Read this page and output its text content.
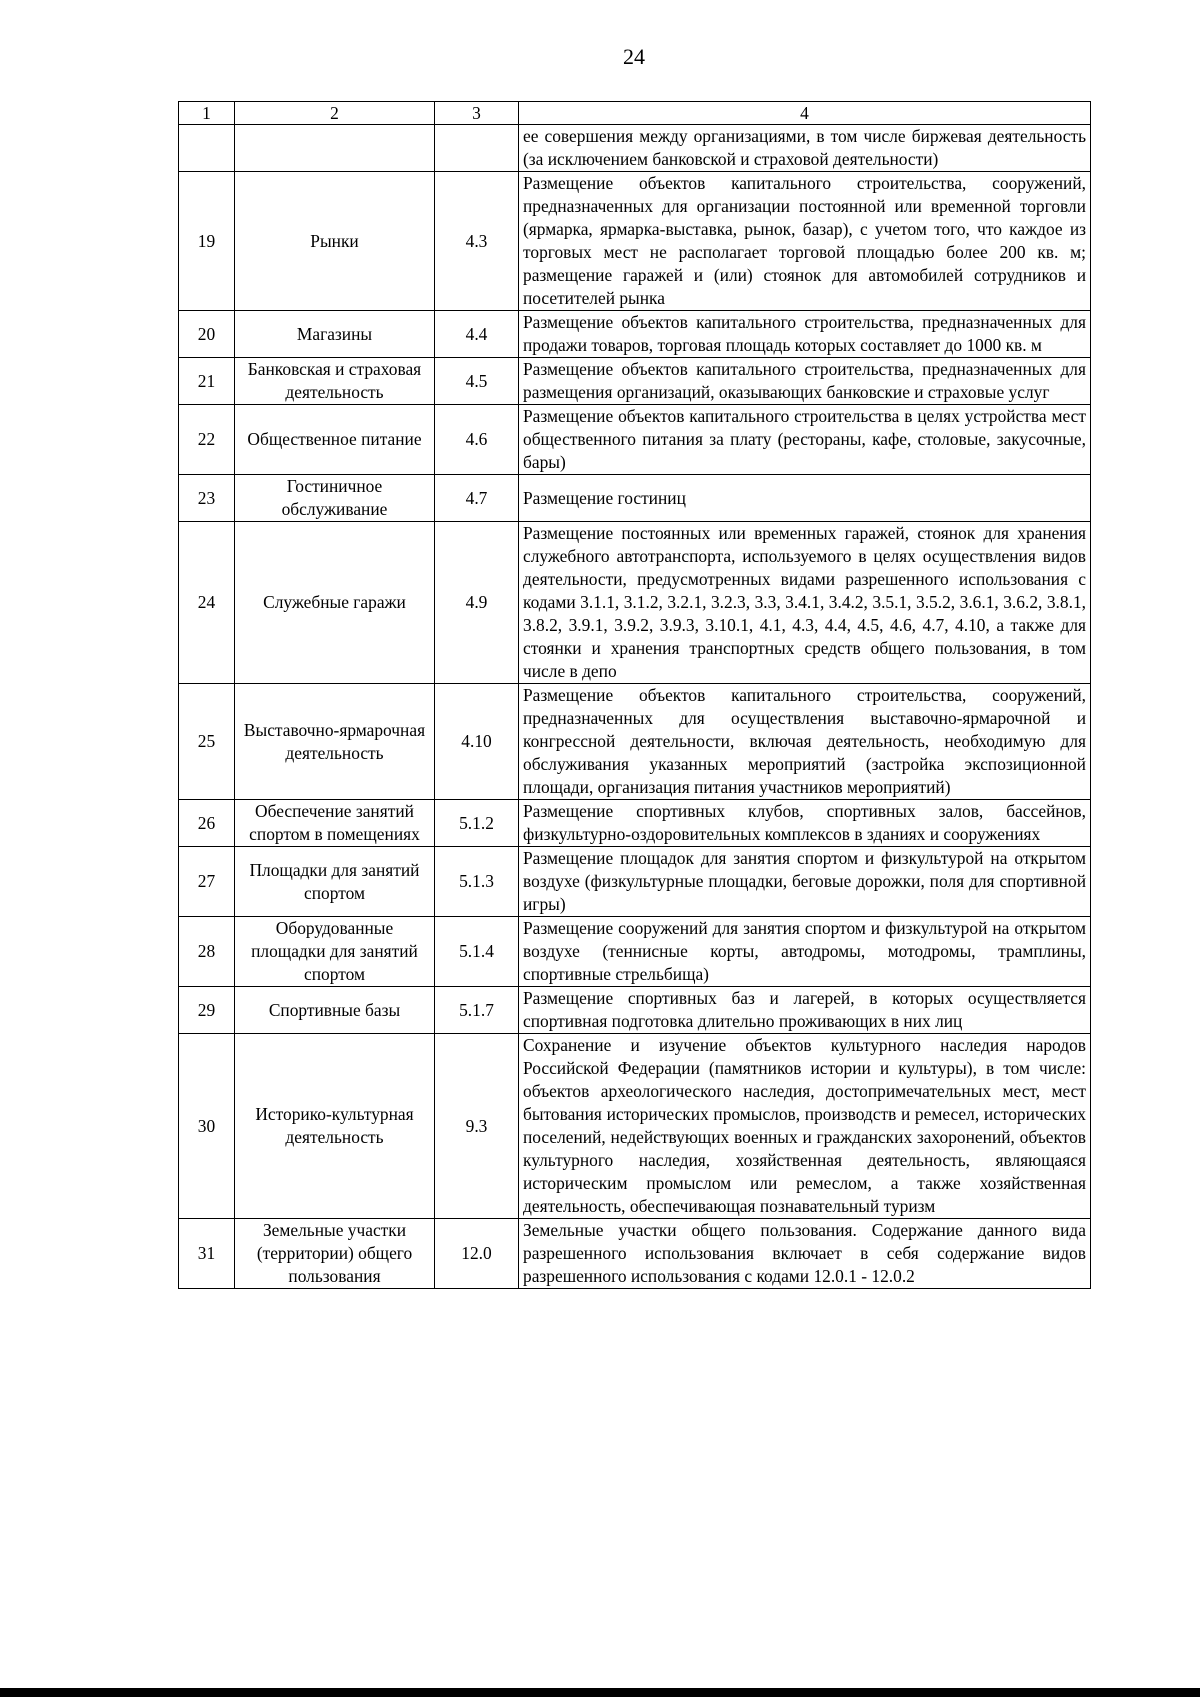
24
1	2	3	4
			ее совершения между организациями, в том числе биржевая деятельность (за исключением банковской и страховой деятельности)
19	Рынки	4.3	Размещение объектов капитального строительства, сооружений, предназначенных для организации постоянной или временной торговли (ярмарка, ярмарка-выставка, рынок, базар), с учетом того, что каждое из торговых мест не располагает торговой площадью более 200 кв. м; размещение гаражей и (или) стоянок для автомобилей сотрудников и посетителей рынка
20	Магазины	4.4	Размещение объектов капитального строительства, предназначенных для продажи товаров, торговая площадь которых составляет до 1000 кв. м
21	Банковская и страховая деятельность	4.5	Размещение объектов капитального строительства, предназначенных для размещения организаций, оказывающих банковские и страховые услуг
22	Общественное питание	4.6	Размещение объектов капитального строительства в целях устройства мест общественного питания за плату (рестораны, кафе, столовые, закусочные, бары)
23	Гостиничное обслуживание	4.7	Размещение гостиниц
24	Служебные гаражи	4.9	Размещение постоянных или временных гаражей, стоянок для хранения служебного автотранспорта, используемого в целях осуществления видов деятельности, предусмотренных видами разрешенного использования с кодами 3.1.1, 3.1.2, 3.2.1, 3.2.3, 3.3, 3.4.1, 3.4.2, 3.5.1, 3.5.2, 3.6.1, 3.6.2, 3.8.1, 3.8.2, 3.9.1, 3.9.2, 3.9.3, 3.10.1, 4.1, 4.3, 4.4, 4.5, 4.6, 4.7, 4.10, а также для стоянки и хранения транспортных средств общего пользования, в том числе в депо
25	Выставочно-ярмарочная деятельность	4.10	Размещение объектов капитального строительства, сооружений, предназначенных для осуществления выставочно-ярмарочной и конгрессной деятельности, включая деятельность, необходимую для обслуживания указанных мероприятий (застройка экспозиционной площади, организация питания участников мероприятий)
26	Обеспечение занятий спортом в помещениях	5.1.2	Размещение спортивных клубов, спортивных залов, бассейнов, физкультурно-оздоровительных комплексов в зданиях и сооружениях
27	Площадки для занятий спортом	5.1.3	Размещение площадок для занятия спортом и физкультурой на открытом воздухе (физкультурные площадки, беговые дорожки, поля для спортивной игры)
28	Оборудованные площадки для занятий спортом	5.1.4	Размещение сооружений для занятия спортом и физкультурой на открытом воздухе (теннисные корты, автодромы, мотодромы, трамплины, спортивные стрельбища)
29	Спортивные базы	5.1.7	Размещение спортивных баз и лагерей, в которых осуществляется спортивная подготовка длительно проживающих в них лиц
30	Историко-культурная деятельность	9.3	Сохранение и изучение объектов культурного наследия народов Российской Федерации (памятников истории и культуры), в том числе: объектов археологического наследия, достопримечательных мест, мест бытования исторических промыслов, производств и ремесел, исторических поселений, недействующих военных и гражданских захоронений, объектов культурного наследия, хозяйственная деятельность, являющаяся историческим промыслом или ремеслом, а также хозяйственная деятельность, обеспечивающая познавательный туризм
31	Земельные участки (территории) общего пользования	12.0	Земельные участки общего пользования. Содержание данного вида разрешенного использования включает в себя содержание видов разрешенного использования с кодами 12.0.1 - 12.0.2
